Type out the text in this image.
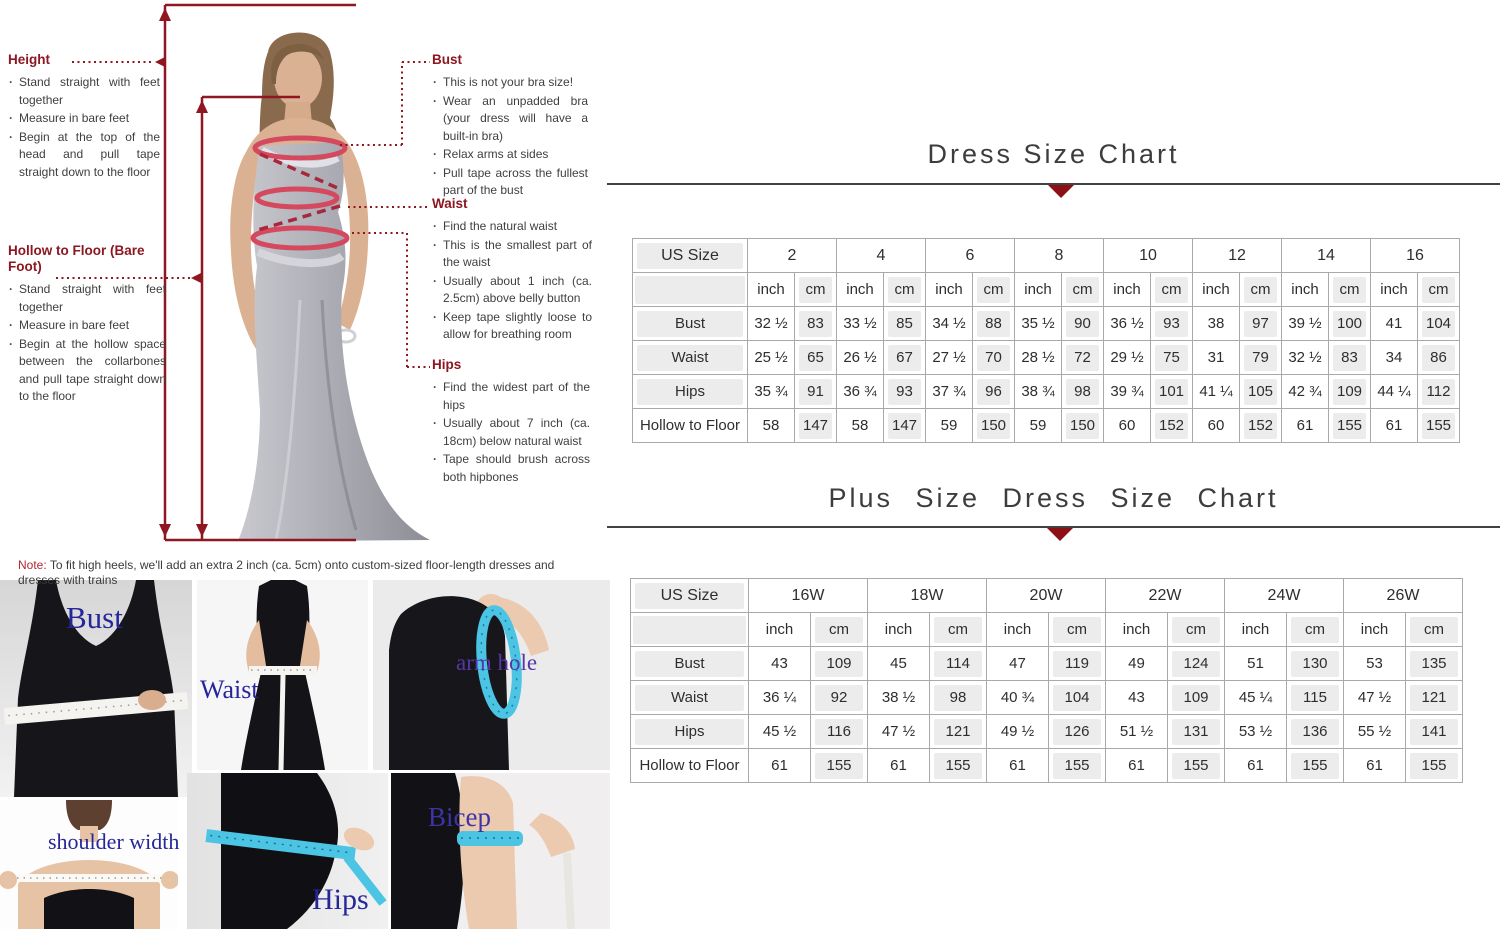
Height
· Stand straight with feet together
· Measure in bare feet
· Begin at the top of the head and pull tape straight down to the floor
Hollow to Floor (Bare Foot)
· Stand straight with feet together
· Measure in bare feet
· Begin at the hollow space between the collarbones and pull tape straight down to the floor
Bust
· This is not your bra size!
· Wear an unpadded bra (your dress will have a built-in bra)
· Relax arms at sides
· Pull tape across the fullest part of the bust
Waist
· Find the natural waist
· This is the smallest part of the waist
· Usually about 1 inch (ca. 2.5cm) above belly button
· Keep tape slightly loose to allow for breathing room
Hips
· Find the widest part of the hips
· Usually about 7 inch (ca. 18cm) below natural waist
· Tape should brush across both hipbones
Note: To fit high heels, we'll add an extra 2 inch (ca. 5cm) onto custom-sized floor-length dresses and dresses with trains
Bust
Waist
arm hole
shoulder width
Hips
Bicep
Dress Size Chart
US Size	2		4		6		8		10		12		14		16	

	inch	cm	inch	cm	inch	cm	inch	cm	inch	cm	inch	cm	inch	cm	inch	cm

Bust	32 ½	83	33 ½	85	34 ½	88	35 ½	90	36 ½	93	38	97	39 ½	100	41	104

Waist	25 ½	65	26 ½	67	27 ½	70	28 ½	72	29 ½	75	31	79	32 ½	83	34	86

Hips	35 ¾	91	36 ¾	93	37 ¾	96	38 ¾	98	39 ¾	101	41 ¼	105	42 ¾	109	44 ¼	112

Hollow to Floor	58	147	58	147	59	150	59	150	60	152	60	152	61	155	61	155
Plus Size Dress Size Chart
US Size	16W		18W		20W		22W		24W		26W	

	inch	cm	inch	cm	inch	cm	inch	cm	inch	cm	inch	cm

Bust	43	109	45	114	47	119	49	124	51	130	53	135

Waist	36 ¼	92	38 ½	98	40 ¾	104	43	109	45 ¼	115	47 ½	121

Hips	45 ½	116	47 ½	121	49 ½	126	51 ½	131	53 ½	136	55 ½	141

Hollow to Floor	61	155	61	155	61	155	61	155	61	155	61	155
